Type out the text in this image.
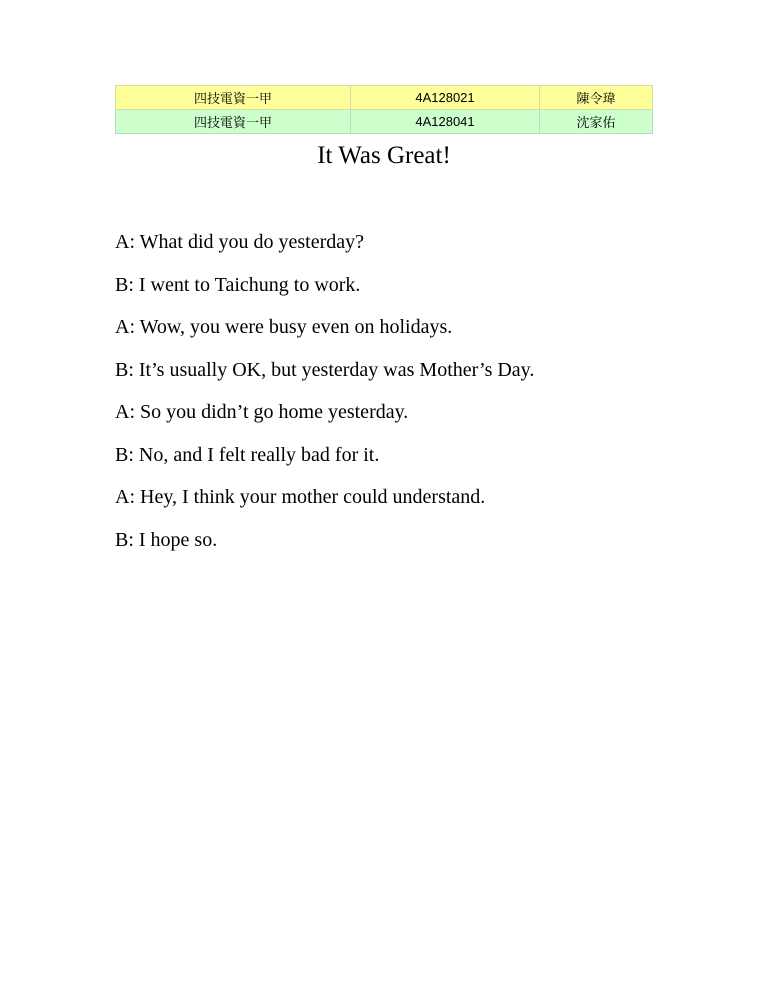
四技電資一甲	4A128021	陳令瑋
四技電資一甲	4A128041	沈家佑
It Was Great!
A: What did you do yesterday?
B: I went to Taichung to work.
A: Wow, you were busy even on holidays.
B: It’s usually OK, but yesterday was Mother’s Day.
A: So you didn’t go home yesterday.
B: No, and I felt really bad for it.
A: Hey, I think your mother could understand.
B: I hope so.
